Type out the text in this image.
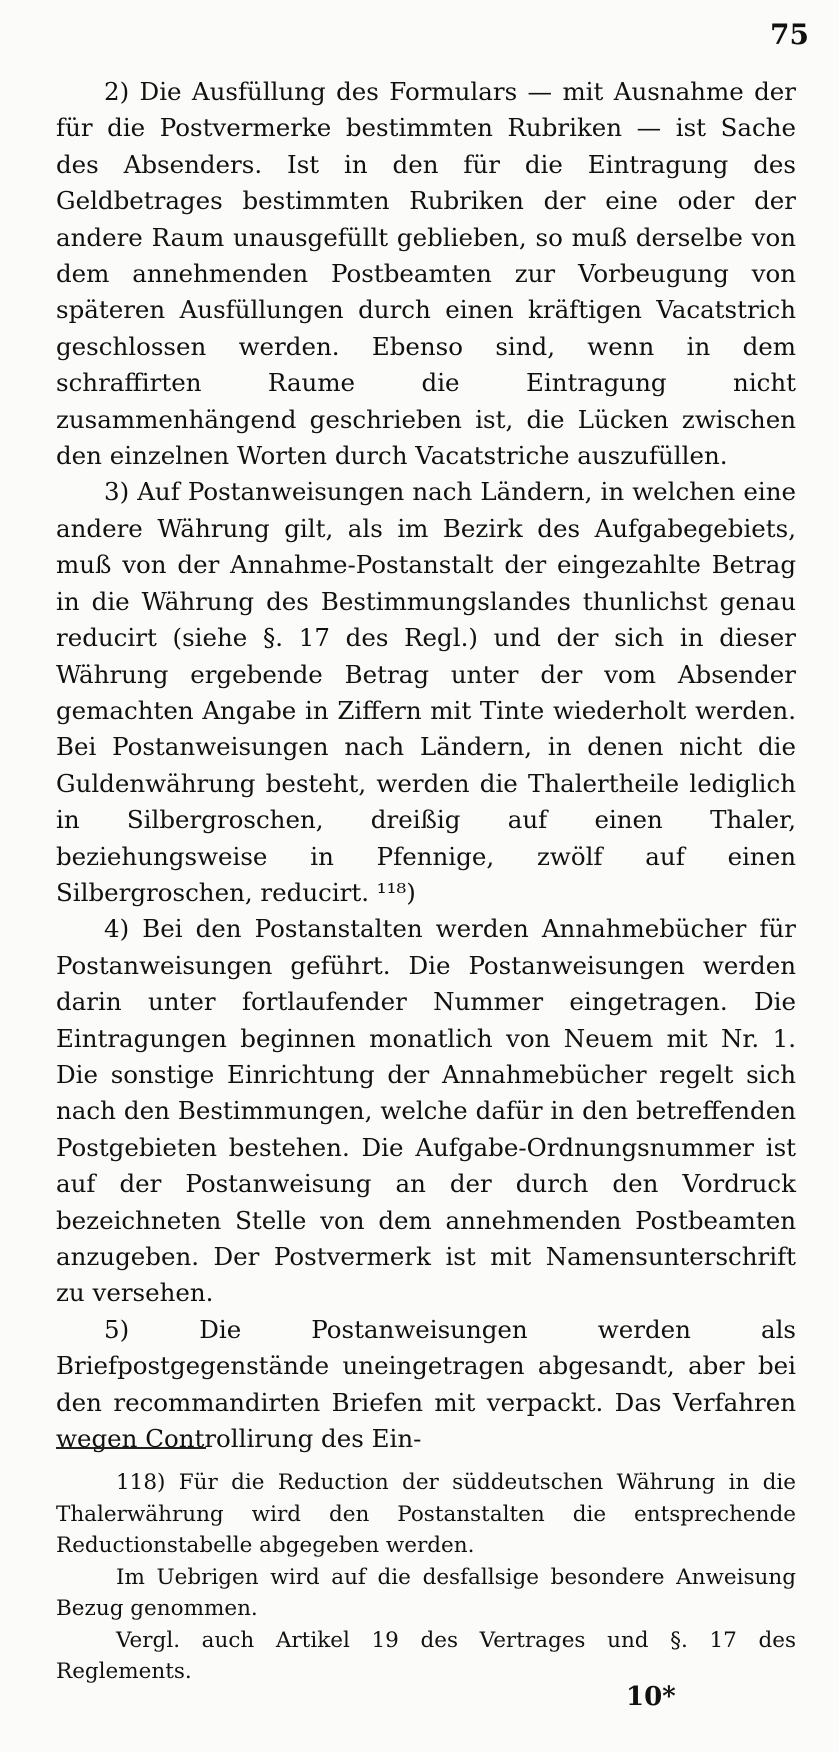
75

2) Die Ausfüllung des Formulars — mit Ausnahme der für die Postvermerke bestimmten Rubriken — ist Sache des Absenders. Ist in den für die Eintragung des Geldbetrages bestimmten Rubriken der eine oder der andere Raum unausgefüllt geblieben, so muß derselbe von dem annehmenden Postbeamten zur Vorbeugung von späteren Ausfüllungen durch einen kräftigen Vacatstrich geschlossen werden. Ebenso sind, wenn in dem schraffirten Raume die Eintragung nicht zusammenhängend geschrieben ist, die Lücken zwischen den einzelnen Worten durch Vacatstriche auszufüllen.

3) Auf Postanweisungen nach Ländern, in welchen eine andere Währung gilt, als im Bezirk des Aufgabegebiets, muß von der Annahme-Postanstalt der eingezahlte Betrag in die Währung des Bestimmungslandes thunlichst genau reducirt (siehe §. 17 des Regl.) und der sich in dieser Währung ergebende Betrag unter der vom Absender gemachten Angabe in Ziffern mit Tinte wiederholt werden. Bei Postanweisungen nach Ländern, in denen nicht die Guldenwährung besteht, werden die Thalertheile lediglich in Silbergroschen, dreißig auf einen Thaler, beziehungsweise in Pfennige, zwölf auf einen Silbergroschen, reducirt. ¹¹⁸)

4) Bei den Postanstalten werden Annahmebücher für Postanweisungen geführt. Die Postanweisungen werden darin unter fortlaufender Nummer eingetragen. Die Eintragungen beginnen monatlich von Neuem mit Nr. 1. Die sonstige Einrichtung der Annahmebücher regelt sich nach den Bestimmungen, welche dafür in den betreffenden Postgebieten bestehen. Die Aufgabe-Ordnungsnummer ist auf der Postanweisung an der durch den Vordruck bezeichneten Stelle von dem annehmenden Postbeamten anzugeben. Der Postvermerk ist mit Namensunterschrift zu versehen.

5) Die Postanweisungen werden als Briefpostgegenstände uneingetragen abgesandt, aber bei den recommandirten Briefen mit verpackt. Das Verfahren wegen Controllirung des Ein-

118) Für die Reduction der süddeutschen Währung in die Thalerwährung wird den Postanstalten die entsprechende Reductionstabelle abgegeben werden.

Im Uebrigen wird auf die desfallsige besondere Anweisung Bezug genommen.

Vergl. auch Artikel 19 des Vertrages und §. 17 des Reglements.

10*
